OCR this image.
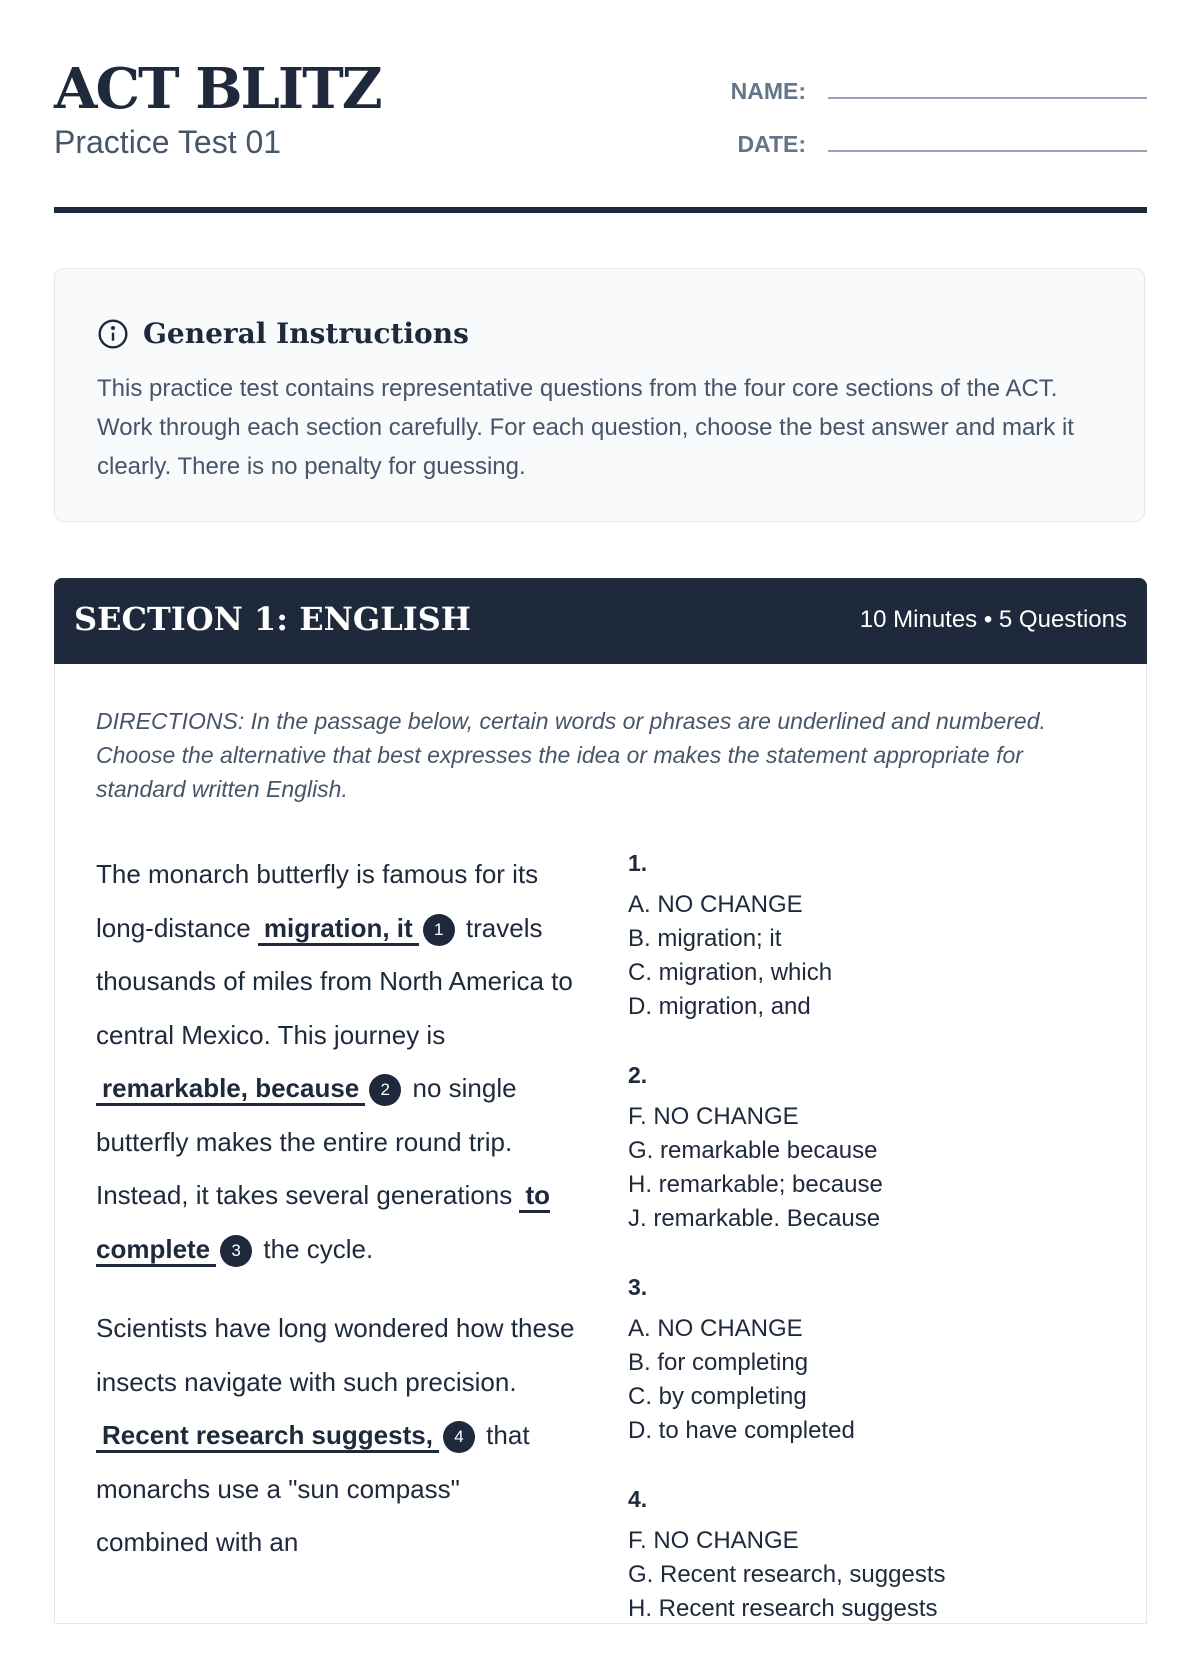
ACT BLITZ
Practice Test 01
NAME:
DATE:
General Instructions
This practice test contains representative questions from the four core sections of the ACT. Work through each section carefully. For each question, choose the best answer and mark it clearly. There is no penalty for guessing.
SECTION 1: ENGLISH	10 Minutes • 5 Questions
DIRECTIONS: In the passage below, certain words or phrases are underlined and numbered. Choose the alternative that best expresses the idea or makes the statement appropriate for standard written English.

The monarch butterfly is famous for its long-distance migration, it 1 travels thousands of miles from North America to central Mexico. This journey is remarkable, because 2 no single butterfly makes the entire round trip. Instead, it takes several generations to complete 3 the cycle.

Scientists have long wondered how these insects navigate with such precision. Recent research suggests, 4 that monarchs use a "sun compass" combined with an

1.
A. NO CHANGE
B. migration; it
C. migration, which
D. migration, and
2.
F. NO CHANGE
G. remarkable because
H. remarkable; because
J. remarkable. Because
3.
A. NO CHANGE
B. for completing
C. by completing
D. to have completed
4.
F. NO CHANGE
G. Recent research, suggests
H. Recent research suggests
